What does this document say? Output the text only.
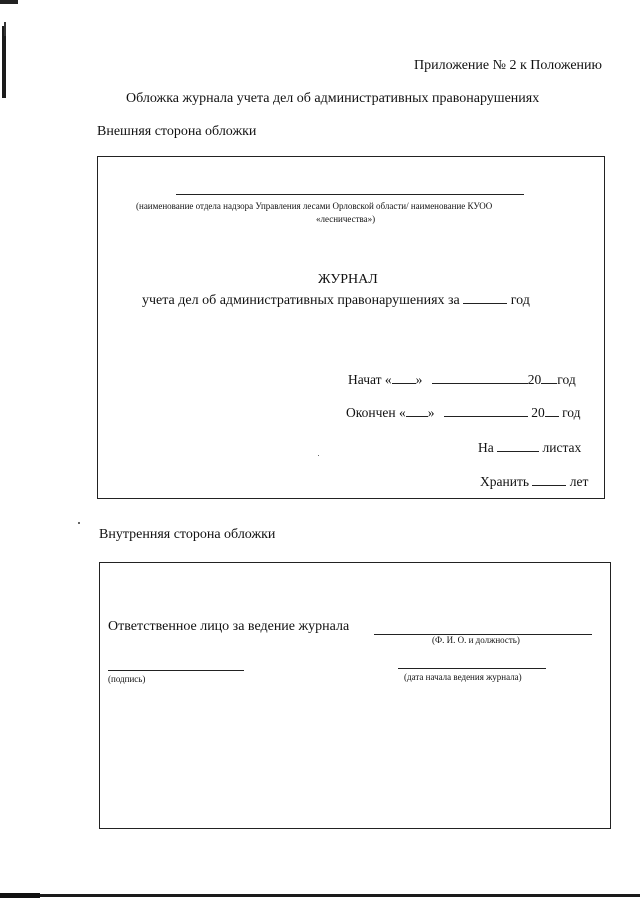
Приложение № 2 к Положению
Обложка журнала учета дел об административных правонарушениях
Внешняя сторона обложки
(наименование отдела надзора Управления лесами Орловской области/ наименование КУОО
«лесничества»)
ЖУРНАЛ
учета дел об административных правонарушениях за	год
Начат « »	20 год
Окончен « »	20 год
На	листах
Хранить	лет
Внутренняя сторона обложки
Ответственное лицо за ведение журнала
(Ф. И. О. и должность)
(подпись)	(дата начала ведения журнала)
